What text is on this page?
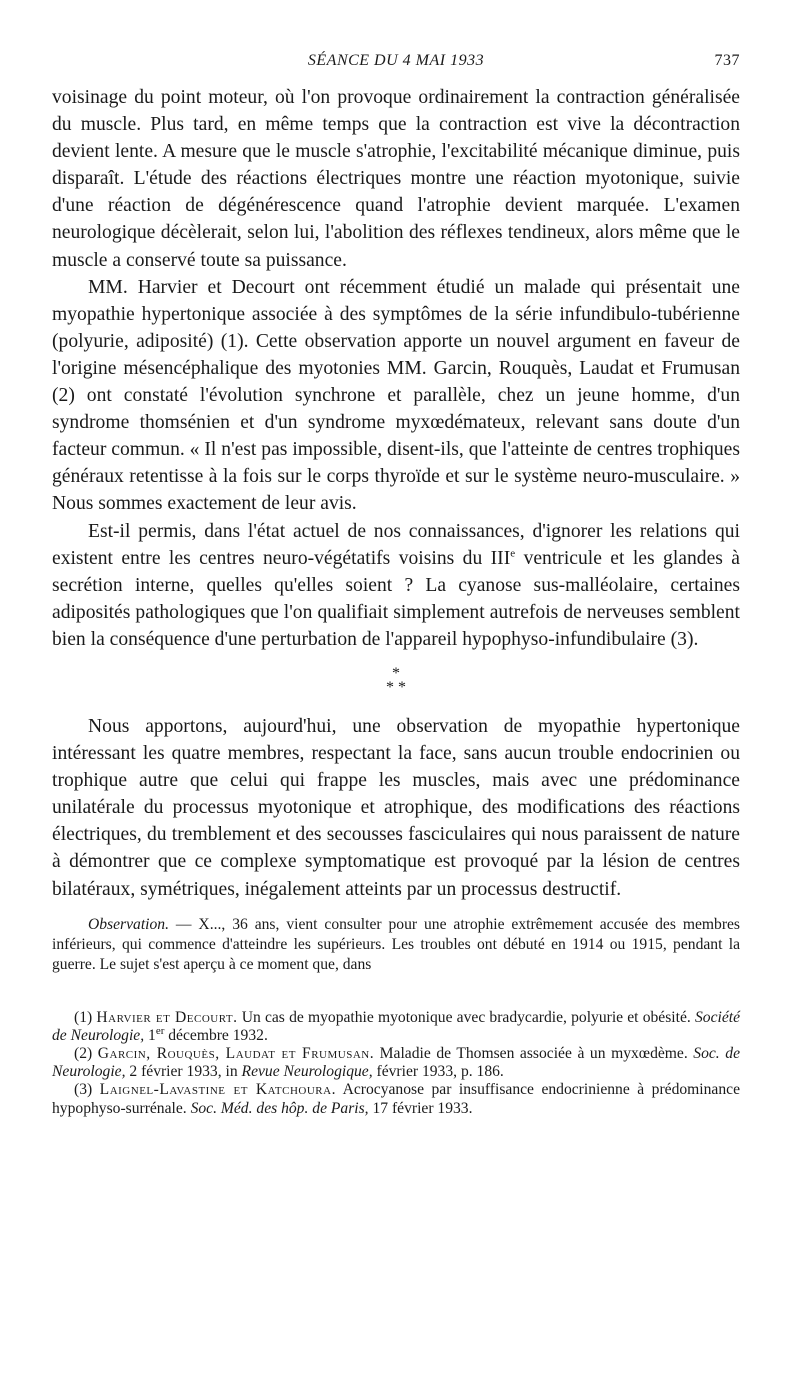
SÉANCE DU 4 MAI 1933	737

voisinage du point moteur, où l'on provoque ordinairement la contraction généralisée du muscle. Plus tard, en même temps que la contraction est vive la décontraction devient lente. A mesure que le muscle s'atrophie, l'excitabilité mécanique diminue, puis disparaît. L'étude des réactions électriques montre une réaction myotonique, suivie d'une réaction de dégénérescence quand l'atrophie devient marquée. L'examen neurologique décèlerait, selon lui, l'abolition des réflexes tendineux, alors même que le muscle a conservé toute sa puissance.

MM. Harvier et Decourt ont récemment étudié un malade qui présentait une myopathie hypertonique associée à des symptômes de la série infundibulo-tubérienne (polyurie, adiposité) (1). Cette observation apporte un nouvel argument en faveur de l'origine mésencéphalique des myotonies MM. Garcin, Rouquès, Laudat et Frumusan (2) ont constaté l'évolution synchrone et parallèle, chez un jeune homme, d'un syndrome thomsénien et d'un syndrome myxœdémateux, relevant sans doute d'un facteur commun. « Il n'est pas impossible, disent-ils, que l'atteinte de centres trophiques généraux retentisse à la fois sur le corps thyroïde et sur le système neuro-musculaire. » Nous sommes exactement de leur avis.

Est-il permis, dans l'état actuel de nos connaissances, d'ignorer les relations qui existent entre les centres neuro-végétatifs voisins du IIIe ventricule et les glandes à secrétion interne, quelles qu'elles soient ? La cyanose sus-malléolaire, certaines adiposités pathologiques que l'on qualifiait simplement autrefois de nerveuses semblent bien la conséquence d'une perturbation de l'appareil hypophyso-infundibulaire (3).

*
* *

Nous apportons, aujourd'hui, une observation de myopathie hypertonique intéressant les quatre membres, respectant la face, sans aucun trouble endocrinien ou trophique autre que celui qui frappe les muscles, mais avec une prédominance unilatérale du processus myotonique et atrophique, des modifications des réactions électriques, du tremblement et des secousses fasciculaires qui nous paraissent de nature à démontrer que ce complexe symptomatique est provoqué par la lésion de centres bilatéraux, symétriques, inégalement atteints par un processus destructif.

Observation. — X..., 36 ans, vient consulter pour une atrophie extrêmement accusée des membres inférieurs, qui commence d'atteindre les supérieurs. Les troubles ont débuté en 1914 ou 1915, pendant la guerre. Le sujet s'est aperçu à ce moment que, dans

(1) Harvier et Decourt. Un cas de myopathie myotonique avec bradycardie, polyurie et obésité. Société de Neurologie, 1er décembre 1932.

(2) Garcin, Rouquès, Laudat et Frumusan. Maladie de Thomsen associée à un myxœdème. Soc. de Neurologie, 2 février 1933, in Revue Neurologique, février 1933, p. 186.

(3) Laignel-Lavastine et Katchoura. Acrocyanose par insuffisance endocrinienne à prédominance hypophyso-surrénale. Soc. Méd. des hôp. de Paris, 17 février 1933.
